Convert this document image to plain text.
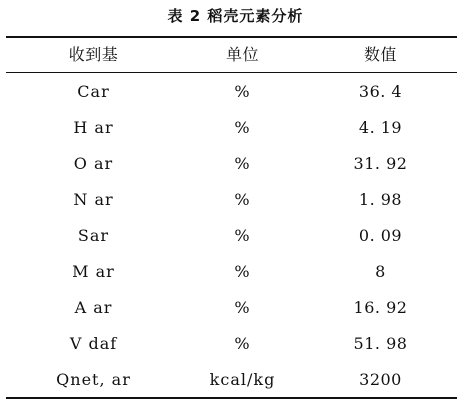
表 2 稻壳元素分析
收到基	单位	数值
Car	%	36. 4
H ar	%	4. 19
O ar	%	31. 92
N ar	%	1. 98
Sar	%	0. 09
M ar	%	8
A ar	%	16. 92
V daf	%	51. 98
Qnet, ar	kcal/kg	3200
